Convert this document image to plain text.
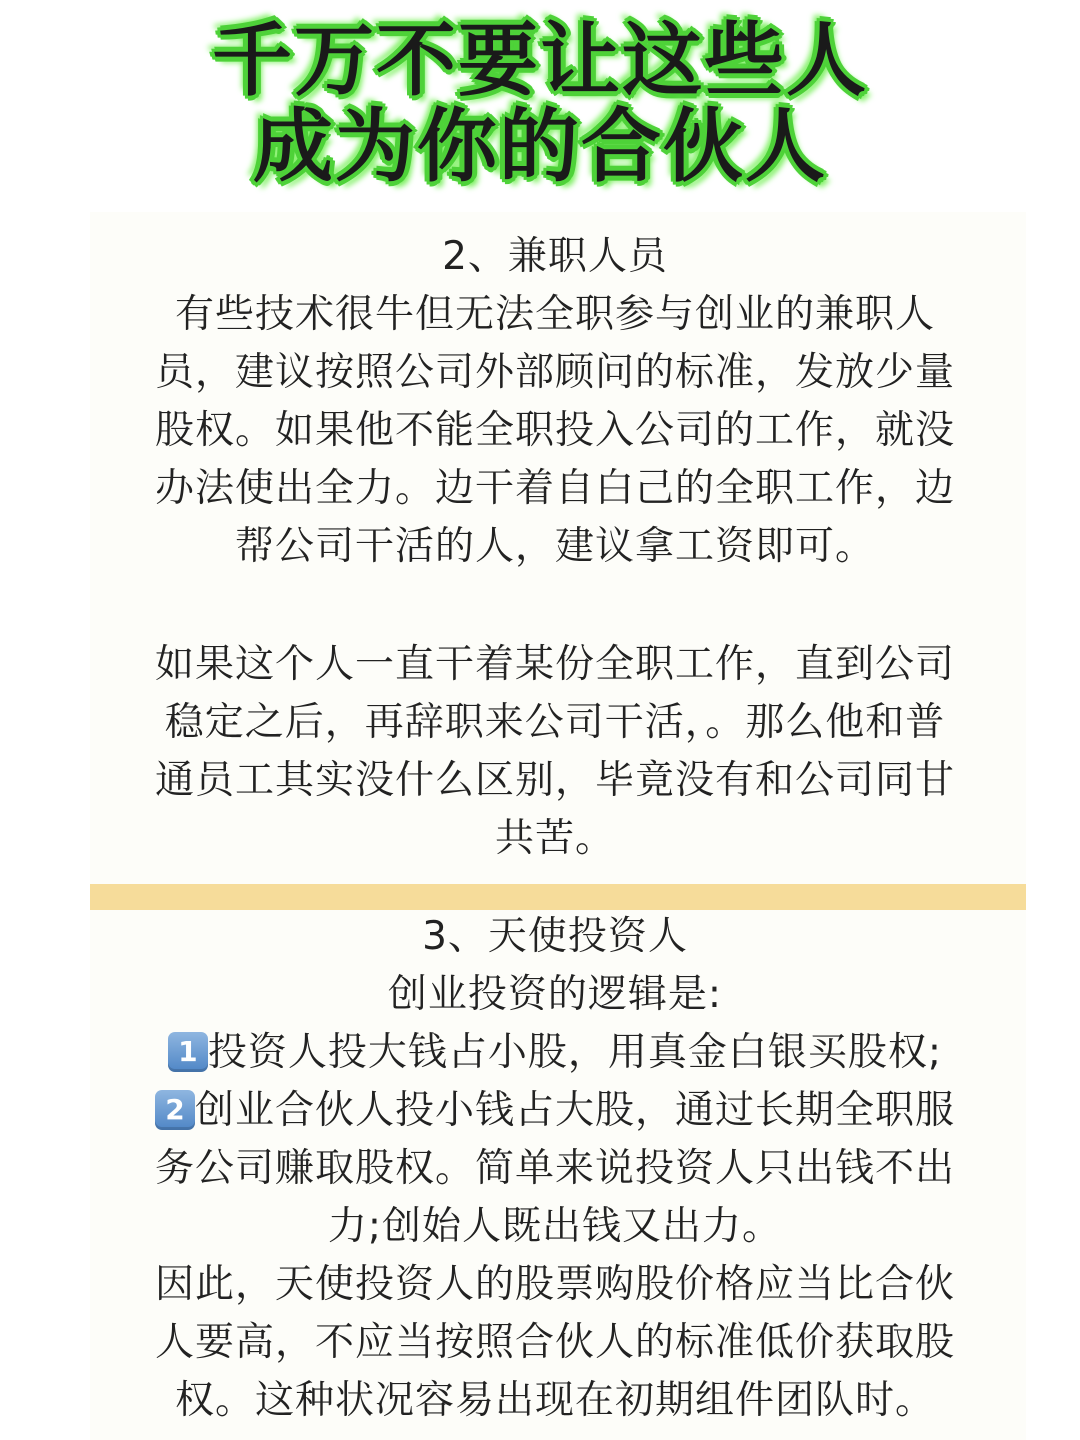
千万不要让这些人
成为你的合伙人

2、兼职人员

有些技术很牛但无法全职参与创业的兼职人

员，建议按照公司外部顾问的标准，发放少量

股权。如果他不能全职投入公司的工作，就没

办法使出全力。边干着自白己的全职工作，边

帮公司干活的人，建议拿工资即可。

如果这个人一直干着某份全职工作，直到公司

稳定之后，再辞职来公司干活，。那么他和普

通员工其实没什么区别，毕竟没有和公司同甘

共苦。

3、天使投资人

创业投资的逻辑是:

1 投资人投大钱占小股，用真金白银买股权;

2 创业合伙人投小钱占大股，通过长期全职服

务公司赚取股权。简单来说投资人只出钱不出

力;创始人既出钱又出力。

因此，天使投资人的股票购股价格应当比合伙

人要高，不应当按照合伙人的标准低价获取股

权。这种状况容易出现在初期组件团队时。
